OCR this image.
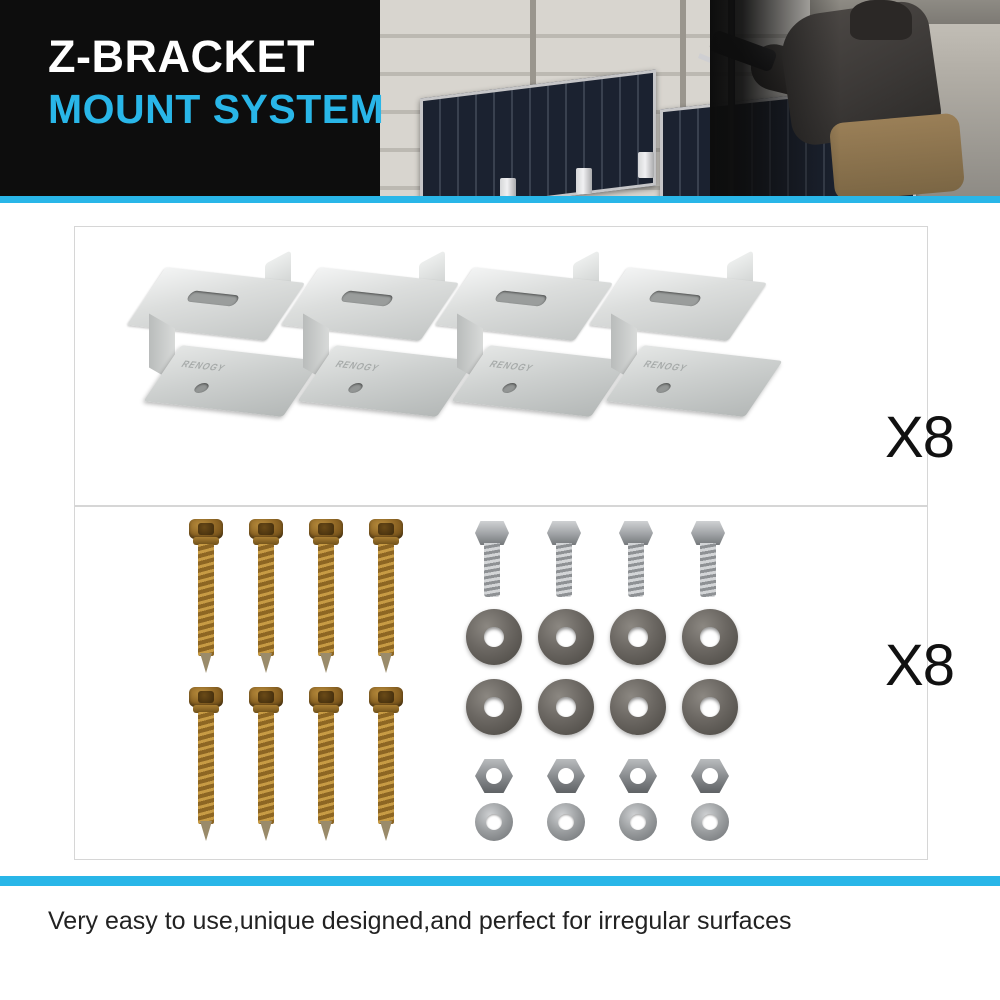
Z-BRACKET
MOUNT SYSTEM
RENOGY	RENOGY	RENOGY	RENOGY
X8
X8
Very easy to use,unique designed,and perfect for irregular surfaces
